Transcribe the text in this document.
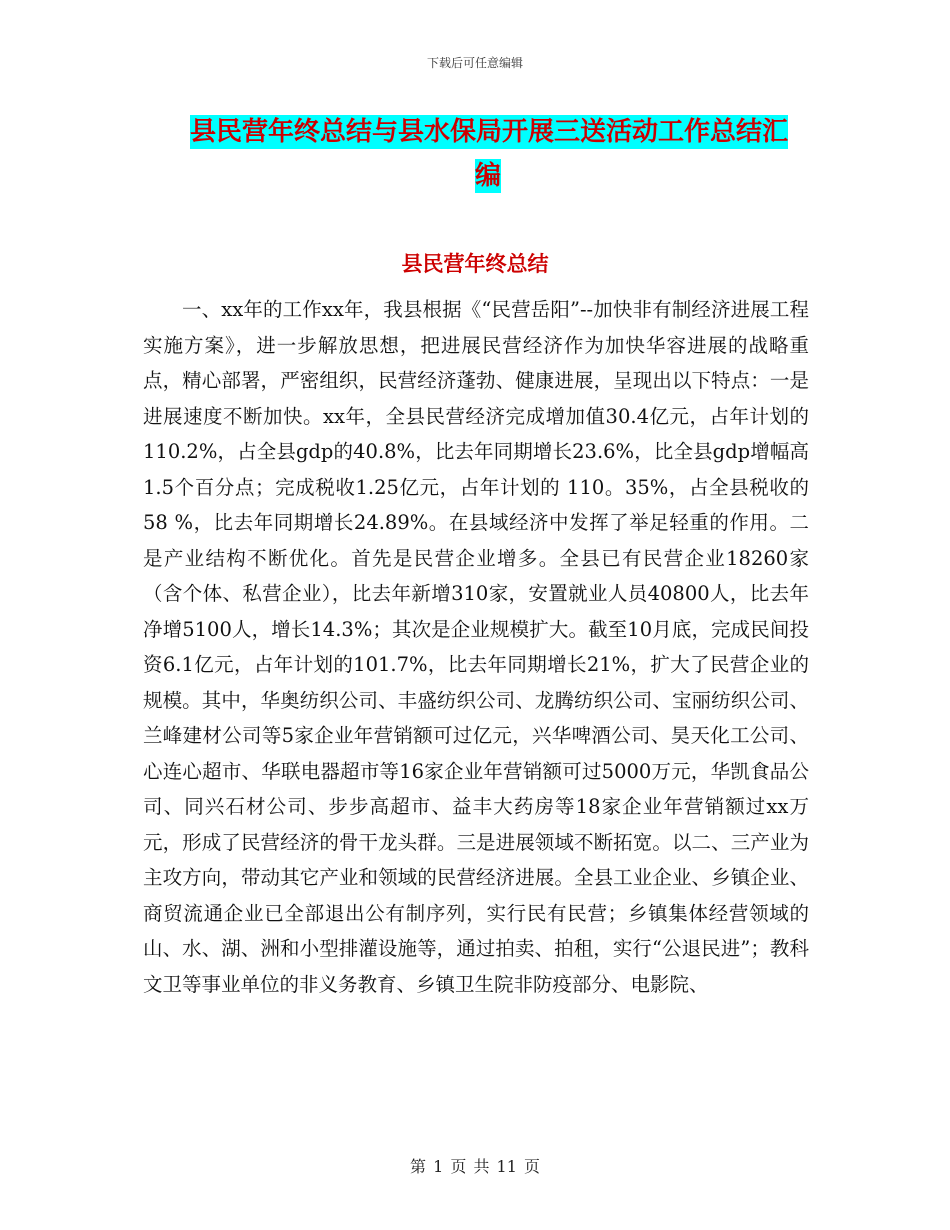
下载后可任意编辑
县民营年终总结与县水保局开展三送活动工作总结汇
编
县民营年终总结

一、xx年的工作xx年，我县根据《“民营岳阳”--加快非有制经济进展工程实施方案》，进一步解放思想，把进展民营经济作为加快华容进展的战略重点，精心部署，严密组织，民营经济蓬勃、健康进展，呈现出以下特点：一是进展速度不断加快。xx年，全县民营经济完成增加值30.4亿元，占年计划的110.2%，占全县gdp的40.8%，比去年同期增长23.6%，比全县gdp增幅高1.5个百分点；完成税收1.25亿元，占年计划的 110。35%，占全县税收的58 %，比去年同期增长24.89%。在县域经济中发挥了举足轻重的作用。二是产业结构不断优化。首先是民营企业增多。全县已有民营企业18260家（含个体、私营企业），比去年新增310家，安置就业人员40800人，比去年净增5100人，增长14.3%；其次是企业规模扩大。截至10月底，完成民间投资6.1亿元，占年计划的101.7%，比去年同期增长21%，扩大了民营企业的规模。其中，华奥纺织公司、丰盛纺织公司、龙腾纺织公司、宝丽纺织公司、兰峰建材公司等5家企业年营销额可过亿元，兴华啤酒公司、昊天化工公司、心连心超市、华联电器超市等16家企业年营销额可过5000万元，华凯食品公司、同兴石材公司、步步高超市、益丰大药房等18家企业年营销额过xx万元，形成了民营经济的骨干龙头群。三是进展领域不断拓宽。以二、三产业为主攻方向，带动其它产业和领域的民营经济进展。全县工业企业、乡镇企业、商贸流通企业已全部退出公有制序列，实行民有民营；乡镇集体经营领域的山、水、湖、洲和小型排灌设施等，通过拍卖、拍租，实行“公退民进”；教科文卫等事业单位的非义务教育、乡镇卫生院非防疫部分、电影院、

第 1 页 共 11 页
